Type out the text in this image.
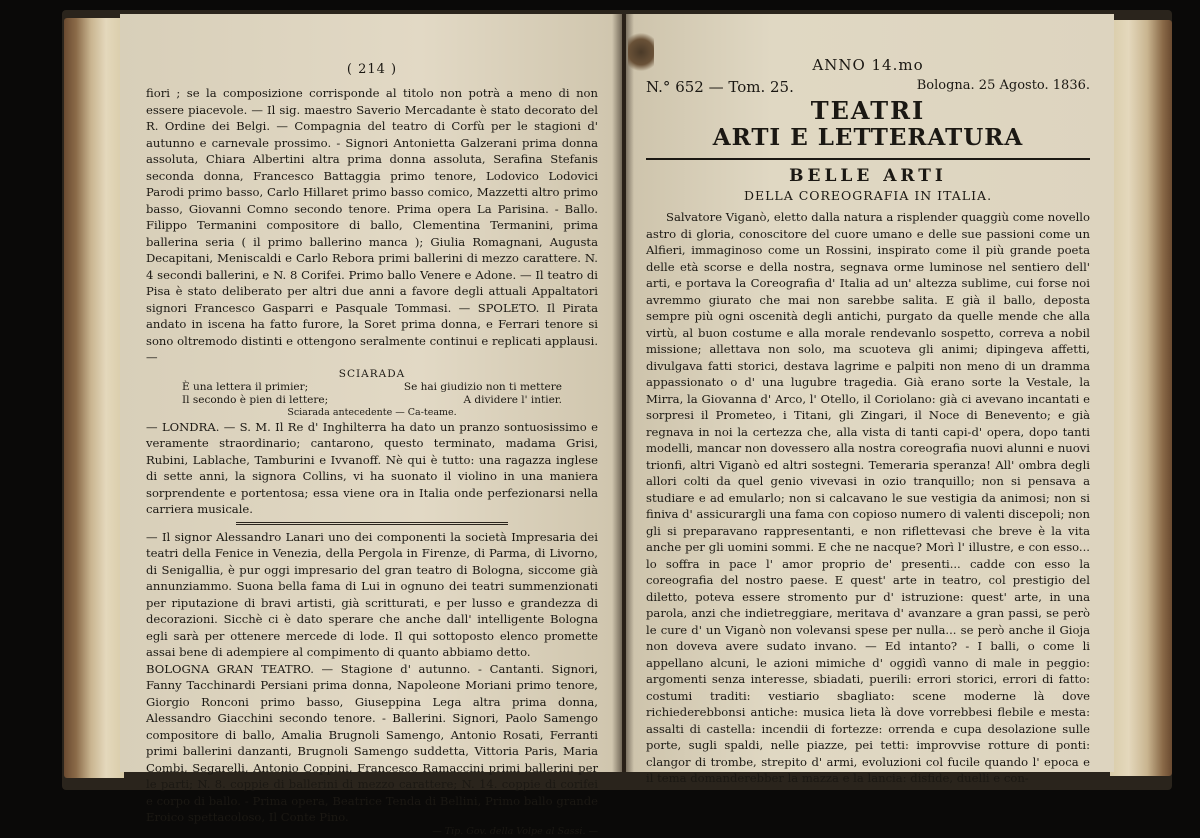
( 214 )

fiori ; se la composizione corrisponde al titolo non potrà a meno di non essere piacevole. — Il sig. maestro Saverio Mercadante è stato decorato del R. Ordine dei Belgi. — Compagnia del teatro di Corfù per le stagioni d' autunno e carnevale prossimo. - Signori Antonietta Galzerani prima donna assoluta, Chiara Albertini altra prima donna assoluta, Serafina Stefanis seconda donna, Francesco Battaggia primo tenore, Lodovico Lodovici Parodi primo basso, Carlo Hillaret primo basso comico, Mazzetti altro primo basso, Giovanni Comno secondo tenore. Prima opera La Parisina. - Ballo. Filippo Termanini compositore di ballo, Clementina Termanini, prima ballerina seria ( il primo ballerino manca ); Giulia Romagnani, Augusta Decapitani, Meniscaldi e Carlo Rebora primi ballerini di mezzo carattere. N. 4 secondi ballerini, e N. 8 Corifei. Primo ballo Venere e Adone. — Il teatro di Pisa è stato deliberato per altri due anni a favore degli attuali Appaltatori signori Francesco Gasparri e Pasquale Tommasi. — SPOLETO. Il Pirata andato in iscena ha fatto furore, la Soret prima donna, e Ferrari tenore si sono oltremodo distinti e ottengono seralmente continui e replicati applausi. —

SCIARADA
È una lettera il primier;	Se hai giudizio non ti mettere
Il secondo è pien di lettere;	A dividere l' intier.
Sciarada antecedente — Ca-teame.

— LONDRA. — S. M. Il Re d' Inghilterra ha dato un pranzo sontuosissimo e veramente straordinario; cantarono, questo terminato, madama Grisi, Rubini, Lablache, Tamburini e Ivvanoff. Nè qui è tutto: una ragazza inglese di sette anni, la signora Collins, vi ha suonato il violino in una maniera sorprendente e portentosa; essa viene ora in Italia onde perfezionarsi nella carriera musicale.

— Il signor Alessandro Lanari uno dei componenti la società Impresaria dei teatri della Fenice in Venezia, della Pergola in Firenze, di Parma, di Livorno, di Senigallia, è pur oggi impresario del gran teatro di Bologna, siccome già annunziammo. Suona bella fama di Lui in ognuno dei teatri summenzionati per riputazione di bravi artisti, già scritturati, e per lusso e grandezza di decorazioni. Sicchè ci è dato sperare che anche dall' intelligente Bologna egli sarà per ottenere mercede di lode. Il qui sottoposto elenco promette assai bene di adempiere al compimento di quanto abbiamo detto.

BOLOGNA GRAN TEATRO. — Stagione d' autunno. - Cantanti. Signori, Fanny Tacchinardi Persiani prima donna, Napoleone Moriani primo tenore, Giorgio Ronconi primo basso, Giuseppina Lega altra prima donna, Alessandro Giacchini secondo tenore. - Ballerini. Signori, Paolo Samengo compositore di ballo, Amalia Brugnoli Samengo, Antonio Rosati, Ferranti primi ballerini danzanti, Brugnoli Samengo suddetta, Vittoria Paris, Maria Combi, Segarelli, Antonio Coppini, Francesco Ramaccini primi ballerini per le parti; N. 8. coppie di ballerini di mezzo carattere; N. 14. coppie di corifei e corpo di ballo. - Prima opera, Beatrice Tenda di Bellini, Primo ballo grande Eroico spettacoloso, Il Conte Pino.

— Tip. Gov. della Volpe al Sassi. —
ANNO 14.mo
N.° 652 — Tom. 25.	Bologna. 25 Agosto. 1836.
TEATRI
ARTI E LETTERATURA
BELLE ARTI
DELLA COREOGRAFIA IN ITALIA.

Salvatore Viganò, eletto dalla natura a risplender quaggiù come novello astro di gloria, conoscitore del cuore umano e delle sue passioni come un Alfieri, immaginoso come un Rossini, inspirato come il più grande poeta delle età scorse e della nostra, segnava orme luminose nel sentiero dell' arti, e portava la Coreografia d' Italia ad un' altezza sublime, cui forse noi avremmo giurato che mai non sarebbe salita. E già il ballo, deposta sempre più ogni oscenità degli antichi, purgato da quelle mende che alla virtù, al buon costume e alla morale rendevanlo sospetto, correva a nobil missione; allettava non solo, ma scuoteva gli animi; dipingeva affetti, divulgava fatti storici, destava lagrime e palpiti non meno di un dramma appassionato o d' una lugubre tragedia. Già erano sorte la Vestale, la Mirra, la Giovanna d' Arco, l' Otello, il Coriolano: già ci avevano incantati e sorpresi il Prometeo, i Titani, gli Zingari, il Noce di Benevento; e già regnava in noi la certezza che, alla vista di tanti capi-d' opera, dopo tanti modelli, mancar non dovessero alla nostra coreografia nuovi alunni e nuovi trionfi, altri Viganò ed altri sostegni. Temeraria speranza! All' ombra degli allori colti da quel genio vivevasi in ozio tranquillo; non si pensava a studiare e ad emularlo; non si calcavano le sue vestigia da animosi; non si finiva d' assicurargli una fama con copioso numero di valenti discepoli; non gli si preparavano rappresentanti, e non riflettevasi che breve è la vita anche per gli uomini sommi. E che ne nacque? Morì l' illustre, e con esso... lo soffra in pace l' amor proprio de' presenti... cadde con esso la coreografia del nostro paese. E quest' arte in teatro, col prestigio del diletto, poteva essere stromento pur d' istruzione: quest' arte, in una parola, anzi che indietreggiare, meritava d' avanzare a gran passi, se però le cure d' un Viganò non volevansi spese per nulla... se però anche il Gioja non doveva avere sudato invano. — Ed intanto? - I balli, o come li appellano alcuni, le azioni mimiche d' oggidì vanno di male in peggio: argomenti senza interesse, sbiadati, puerili: errori storici, errori di fatto: costumi traditi: vestiario sbagliato: scene moderne là dove richiederebbonsi antiche: musica lieta là dove vorrebbesi flebile e mesta: assalti di castella: incendii di fortezze: orrenda e cupa desolazione sulle porte, sugli spaldi, nelle piazze, pei tetti: improvvise rotture di ponti: clangor di trombe, strepito d' armi, evoluzioni col fucile quando l' epoca e il tema domanderebber la mazza e la lancia: disfide, duelli e con-
